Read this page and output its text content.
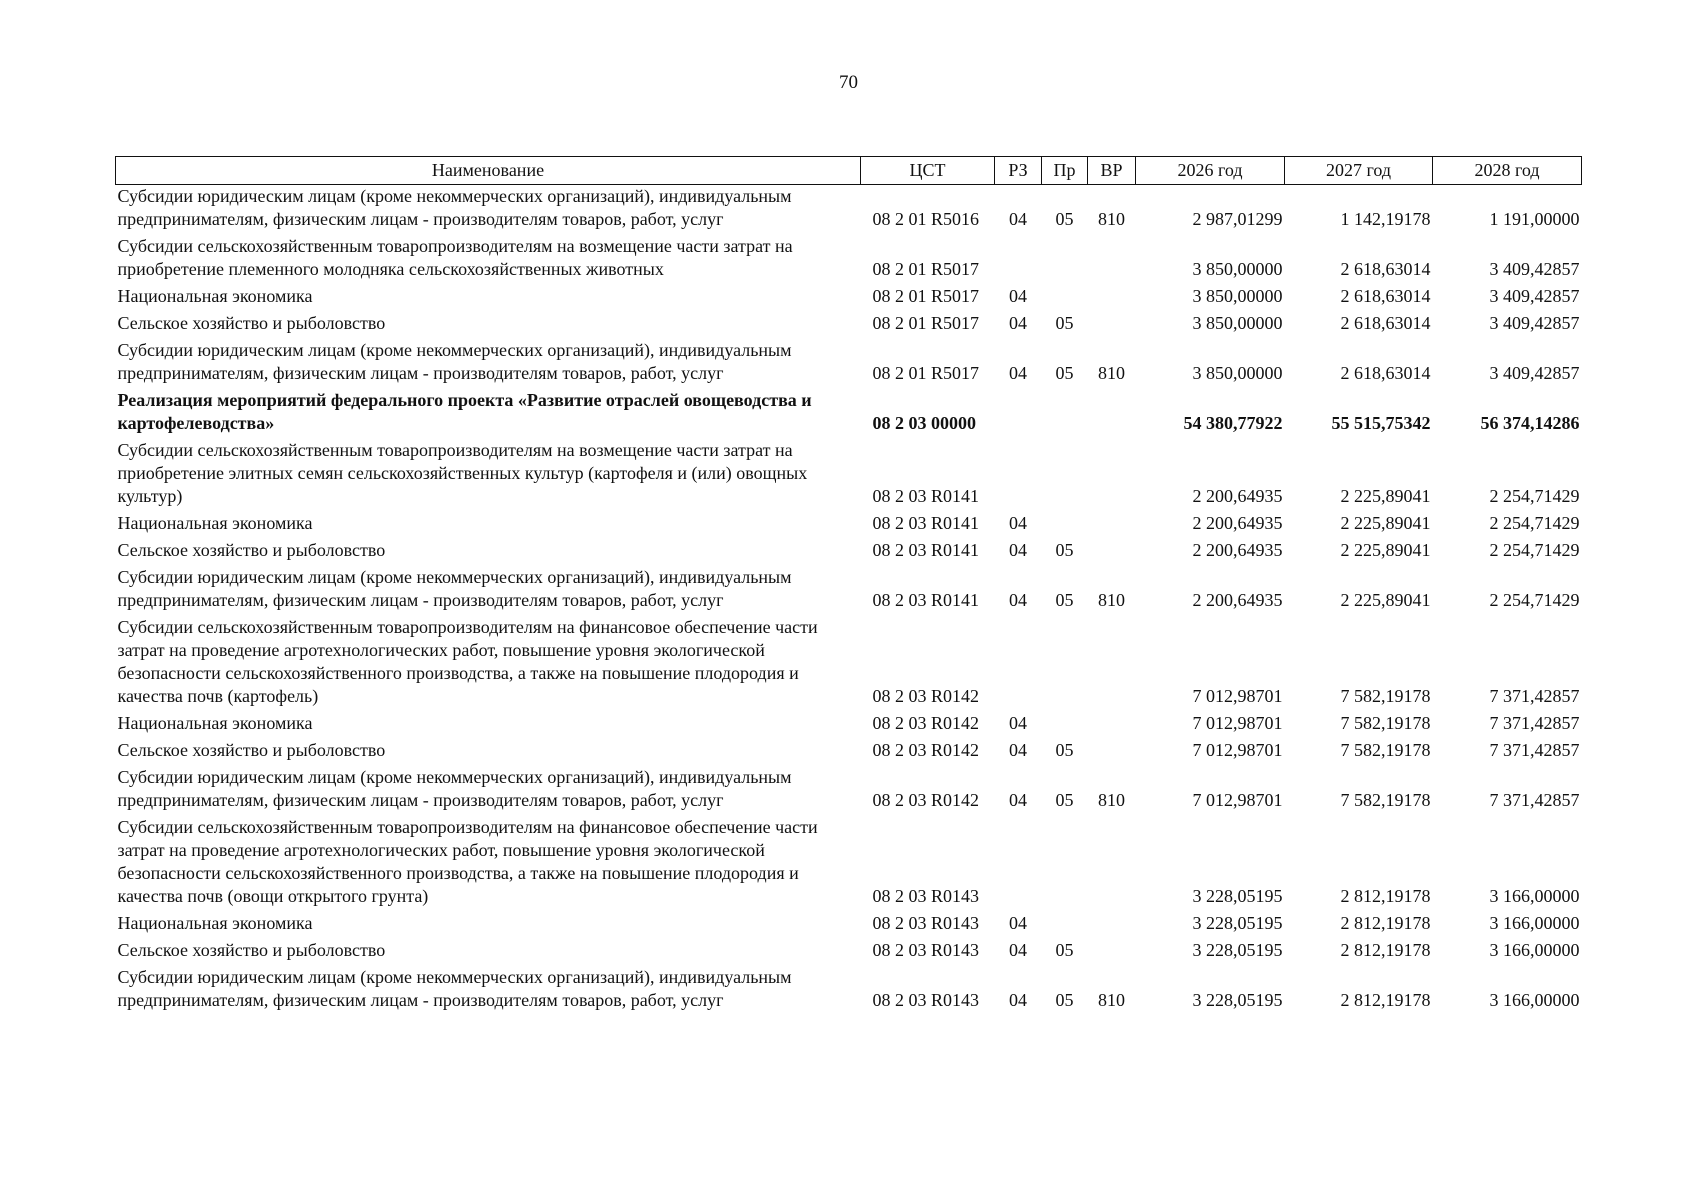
70
Наименование	ЦСТ	РЗ	Пр	ВР	2026 год	2027 год	2028 год
Субсидии юридическим лицам (кроме некоммерческих организаций), индивидуальным предпринимателям, физическим лицам - производителям товаров, работ, услуг	08 2 01 R5016	04	05	810	2 987,01299	1 142,19178	1 191,00000
Субсидии сельскохозяйственным товаропроизводителям на возмещение части затрат на приобретение племенного молодняка сельскохозяйственных животных	08 2 01 R5017				3 850,00000	2 618,63014	3 409,42857
Национальная экономика	08 2 01 R5017	04			3 850,00000	2 618,63014	3 409,42857
Сельское хозяйство и рыболовство	08 2 01 R5017	04	05		3 850,00000	2 618,63014	3 409,42857
Субсидии юридическим лицам (кроме некоммерческих организаций), индивидуальным предпринимателям, физическим лицам - производителям товаров, работ, услуг	08 2 01 R5017	04	05	810	3 850,00000	2 618,63014	3 409,42857
Реализация мероприятий федерального проекта «Развитие отраслей овощеводства и картофелеводства»	08 2 03 00000				54 380,77922	55 515,75342	56 374,14286
Субсидии сельскохозяйственным товаропроизводителям на возмещение части затрат на приобретение элитных семян сельскохозяйственных культур (картофеля и (или) овощных культур)	08 2 03 R0141				2 200,64935	2 225,89041	2 254,71429
Национальная экономика	08 2 03 R0141	04			2 200,64935	2 225,89041	2 254,71429
Сельское хозяйство и рыболовство	08 2 03 R0141	04	05		2 200,64935	2 225,89041	2 254,71429
Субсидии юридическим лицам (кроме некоммерческих организаций), индивидуальным предпринимателям, физическим лицам - производителям товаров, работ, услуг	08 2 03 R0141	04	05	810	2 200,64935	2 225,89041	2 254,71429
Субсидии сельскохозяйственным товаропроизводителям на финансовое обеспечение части затрат на проведение агротехнологических работ, повышение уровня экологической безопасности сельскохозяйственного производства, а также на повышение плодородия и качества почв (картофель)	08 2 03 R0142				7 012,98701	7 582,19178	7 371,42857
Национальная экономика	08 2 03 R0142	04			7 012,98701	7 582,19178	7 371,42857
Сельское хозяйство и рыболовство	08 2 03 R0142	04	05		7 012,98701	7 582,19178	7 371,42857
Субсидии юридическим лицам (кроме некоммерческих организаций), индивидуальным предпринимателям, физическим лицам - производителям товаров, работ, услуг	08 2 03 R0142	04	05	810	7 012,98701	7 582,19178	7 371,42857
Субсидии сельскохозяйственным товаропроизводителям на финансовое обеспечение части затрат на проведение агротехнологических работ, повышение уровня экологической безопасности сельскохозяйственного производства, а также на повышение плодородия и качества почв (овощи открытого грунта)	08 2 03 R0143				3 228,05195	2 812,19178	3 166,00000
Национальная экономика	08 2 03 R0143	04			3 228,05195	2 812,19178	3 166,00000
Сельское хозяйство и рыболовство	08 2 03 R0143	04	05		3 228,05195	2 812,19178	3 166,00000
Субсидии юридическим лицам (кроме некоммерческих организаций), индивидуальным предпринимателям, физическим лицам - производителям товаров, работ, услуг	08 2 03 R0143	04	05	810	3 228,05195	2 812,19178	3 166,00000
